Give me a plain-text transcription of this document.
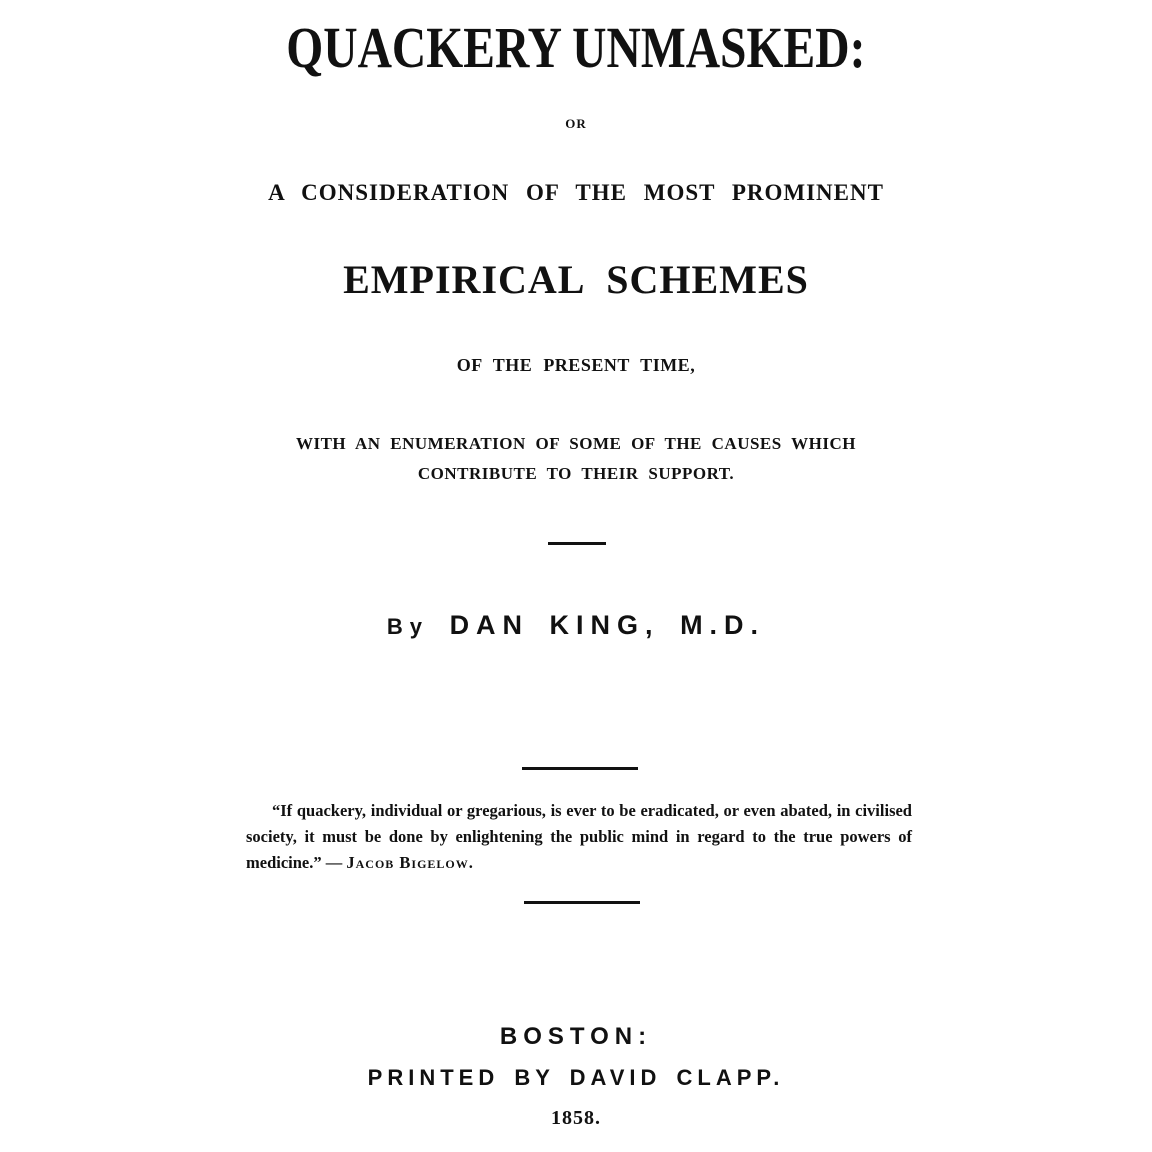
QUACKERY UNMASKED:
OR
A CONSIDERATION OF THE MOST PROMINENT
EMPIRICAL SCHEMES
OF THE PRESENT TIME,
WITH AN ENUMERATION OF SOME OF THE CAUSES WHICH
CONTRIBUTE TO THEIR SUPPORT.
By DAN KING, M.D.
“If quackery, individual or gregarious, is ever to be eradicated, or even abated, in civilised society, it must be done by enlightening the public mind in regard to the true powers of medicine.” — Jacob Bigelow.
BOSTON:
PRINTED BY DAVID CLAPP.
1858.
